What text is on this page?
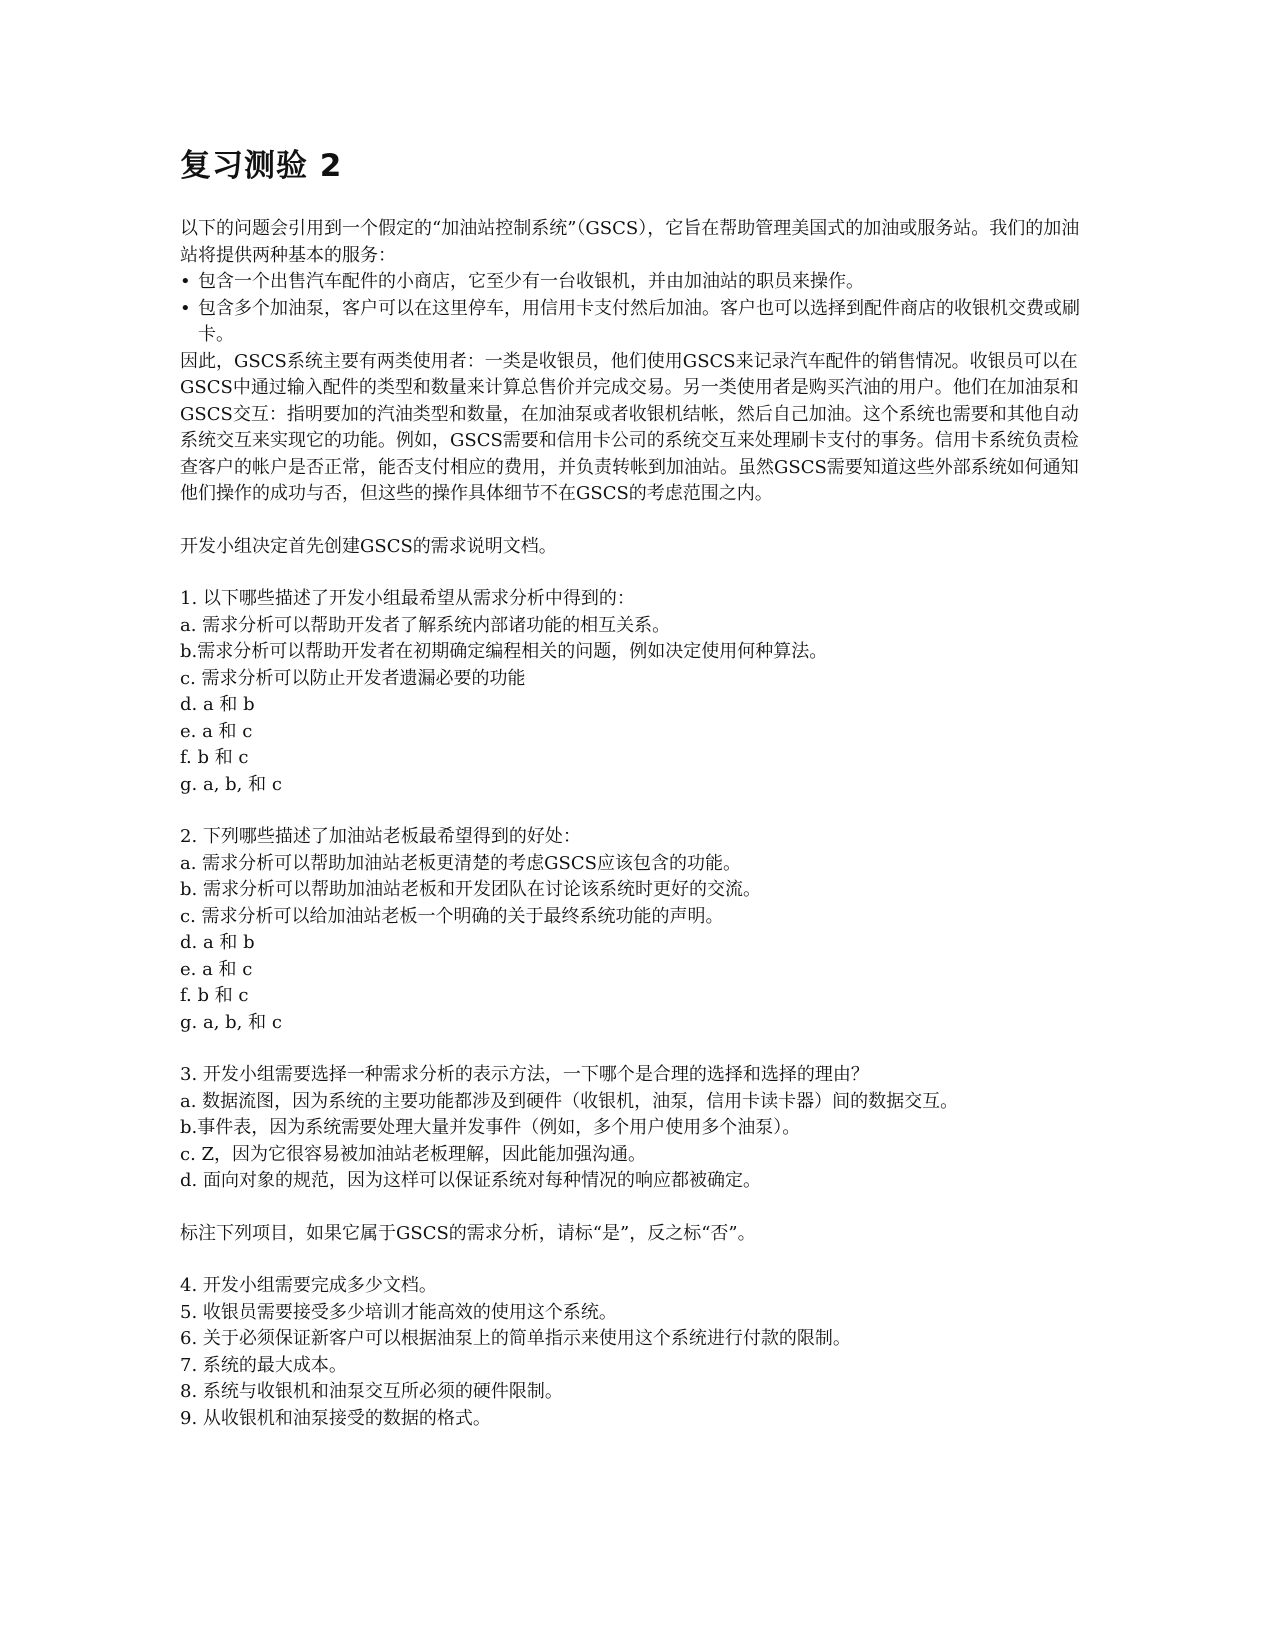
复习测验 2

以下的问题会引用到一个假定的“加油站控制系统”（GSCS），它旨在帮助管理美国式的加油或服务站。我们的加油站将提供两种基本的服务：

• 包含一个出售汽车配件的小商店，它至少有一台收银机，并由加油站的职员来操作。
• 包含多个加油泵，客户可以在这里停车，用信用卡支付然后加油。客户也可以选择到配件商店的收银机交费或刷卡。

因此，GSCS系统主要有两类使用者：一类是收银员，他们使用GSCS来记录汽车配件的销售情况。收银员可以在GSCS中通过输入配件的类型和数量来计算总售价并完成交易。另一类使用者是购买汽油的用户。他们在加油泵和GSCS交互：指明要加的汽油类型和数量，在加油泵或者收银机结帐，然后自己加油。这个系统也需要和其他自动系统交互来实现它的功能。例如，GSCS需要和信用卡公司的系统交互来处理刷卡支付的事务。信用卡系统负责检查客户的帐户是否正常，能否支付相应的费用，并负责转帐到加油站。虽然GSCS需要知道这些外部系统如何通知他们操作的成功与否，但这些的操作具体细节不在GSCS的考虑范围之内。

开发小组决定首先创建GSCS的需求说明文档。

1. 以下哪些描述了开发小组最希望从需求分析中得到的：

a. 需求分析可以帮助开发者了解系统内部诸功能的相互关系。

b.需求分析可以帮助开发者在初期确定编程相关的问题，例如决定使用何种算法。

c. 需求分析可以防止开发者遗漏必要的功能

d. a 和 b

e. a 和 c

f. b 和 c

g. a, b, 和 c

2. 下列哪些描述了加油站老板最希望得到的好处：

a. 需求分析可以帮助加油站老板更清楚的考虑GSCS应该包含的功能。

b. 需求分析可以帮助加油站老板和开发团队在讨论该系统时更好的交流。

c. 需求分析可以给加油站老板一个明确的关于最终系统功能的声明。

d. a 和 b

e. a 和 c

f. b 和 c

g. a, b, 和 c

3. 开发小组需要选择一种需求分析的表示方法，一下哪个是合理的选择和选择的理由？

a. 数据流图，因为系统的主要功能都涉及到硬件（收银机，油泵，信用卡读卡器）间的数据交互。

b.事件表，因为系统需要处理大量并发事件（例如，多个用户使用多个油泵）。

c. Z，因为它很容易被加油站老板理解，因此能加强沟通。

d. 面向对象的规范，因为这样可以保证系统对每种情况的响应都被确定。

标注下列项目，如果它属于GSCS的需求分析，请标“是”，反之标“否”。

4. 开发小组需要完成多少文档。

5. 收银员需要接受多少培训才能高效的使用这个系统。

6. 关于必须保证新客户可以根据油泵上的简单指示来使用这个系统进行付款的限制。

7. 系统的最大成本。

8. 系统与收银机和油泵交互所必须的硬件限制。

9. 从收银机和油泵接受的数据的格式。
